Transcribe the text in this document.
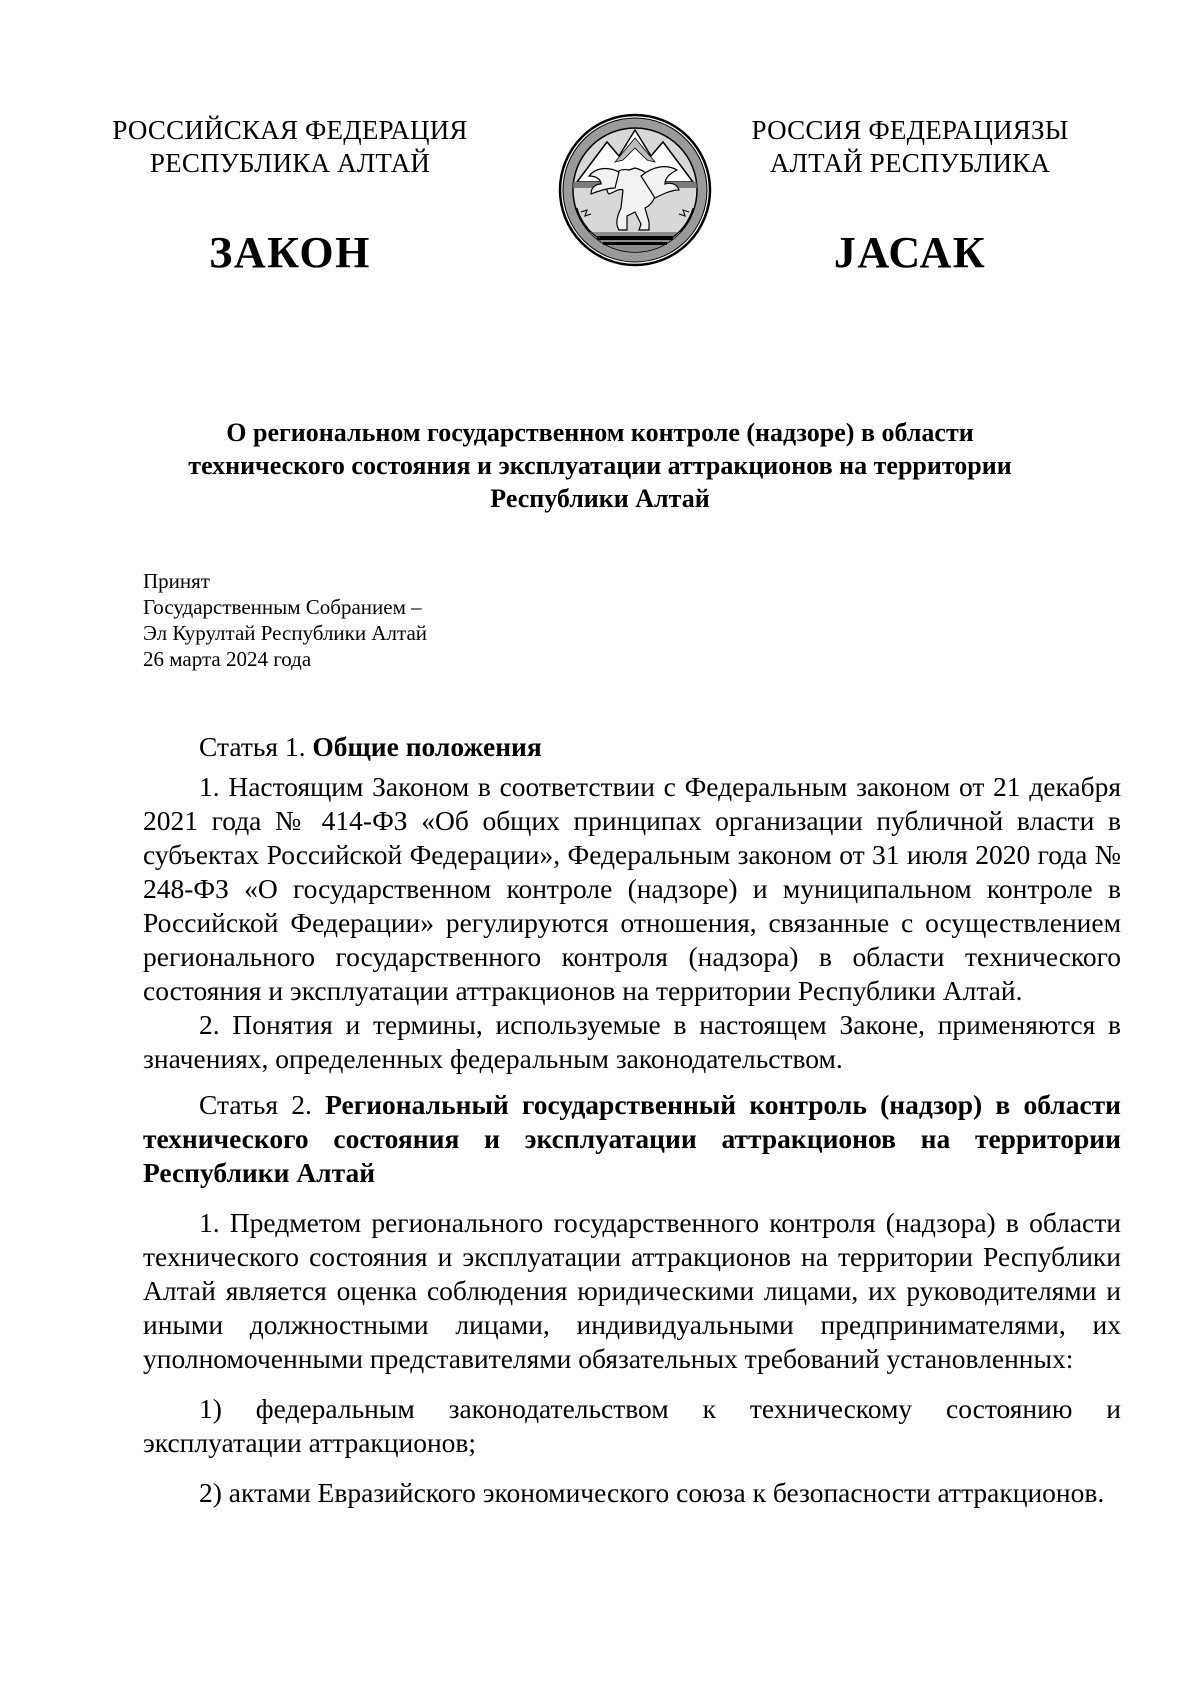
РОССИЙСКАЯ ФЕДЕРАЦИЯ
РЕСПУБЛИКА АЛТАЙ
РОССИЯ ФЕДЕРАЦИЯЗЫ
АЛТАЙ РЕСПУБЛИКА
ЗАКОН	JАСАК
О региональном государственном контроле (надзоре) в области
технического состояния и эксплуатации аттракционов на территории
Республики Алтай
Принят
Государственным Собранием –
Эл Курултай Республики Алтай
26 марта 2024 года

Статья 1. Общие положения

1. Настоящим Законом в соответствии с Федеральным законом от 21 декабря 2021 года № 414-ФЗ «Об общих принципах организации публичной власти в субъектах Российской Федерации», Федеральным законом от 31 июля 2020 года № 248-ФЗ «О государственном контроле (надзоре) и муниципальном контроле в Российской Федерации» регулируются отношения, связанные с осуществлением регионального государственного контроля (надзора) в области технического состояния и эксплуатации аттракционов на территории Республики Алтай.

2. Понятия и термины, используемые в настоящем Законе, применяются в значениях, определенных федеральным законодательством.

Статья 2. Региональный государственный контроль (надзор) в области технического состояния и эксплуатации аттракционов на территории Республики Алтай

1. Предметом регионального государственного контроля (надзора) в области технического состояния и эксплуатации аттракционов на территории Республики Алтай является оценка соблюдения юридическими лицами, их руководителями и иными должностными лицами, индивидуальными предпринимателями, их уполномоченными представителями обязательных требований установленных:

1) федеральным законодательством к техническому состоянию и эксплуатации аттракционов;

2) актами Евразийского экономического союза к безопасности аттракционов.
